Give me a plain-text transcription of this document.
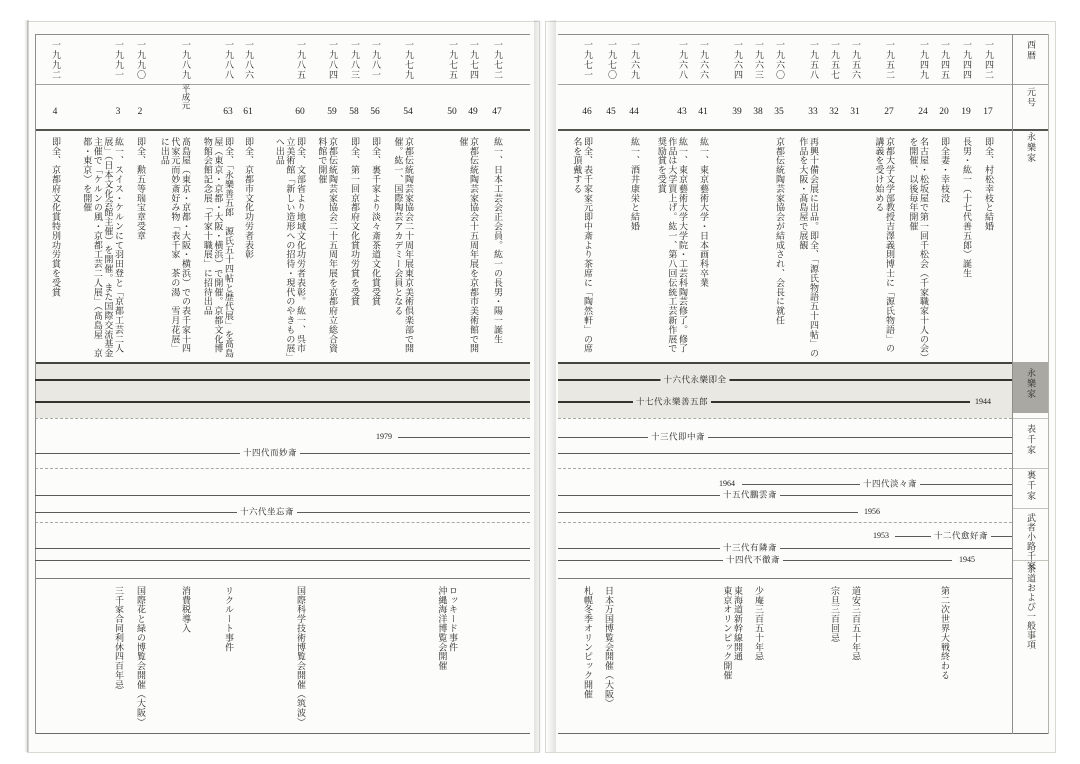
西暦
元号
永樂家
永樂家
表千家
裏千家
武者小路千家
茶道および一般事項
一九四二
17
一九四四
19
一九四五
20
一九四九
24
一九五二
27
一九五六
31
一九五七
32
一九五八
33
一九六〇
35
一九六三
38
一九六四
39
一九六六
41
一九六八
43
一九六九
44
一九七〇
45
一九七一
46
一九七二
47
一九七四
49
一九七五
50
一九七九
54
一九八一
56
一九八三
58
一九八四
59
一九八五
60
一九八六
61
一九八八
63
一九八九
平成元
一九九〇
2
一九九一
3
一九九二
4
即全、村松幸枝と結婚
長男・紘一（十七代善五郎）誕生
即全妻・幸枝没
名古屋・松坂屋で第一回千松会（千家職家十人の会）を開催、以後毎年開催
京都大学文学部教授吉澤義則博士に「源氏物語」の講義を受け始める
再興十備会展に出品。即全、「源氏物語五十四帖」の作品を大阪・髙島屋で展観
京都伝統陶芸家協会が結成され、会長に就任
紘一、東京藝術大学・日本画科卒業
紘一、東京藝術大学大学院・工芸科陶芸修了。修了作品は大学買上げ。紘一、第八回伝統工芸新作展で奨励賞を受賞
紘一、酒井康栄と結婚
即全、表千家家元即中斎より茶席に「陶然軒」の席名を頂戴する
紘一、日本工芸会正会員。紘一の長男・陽一誕生
京都伝統陶芸家協会十五周年展を京都市美術館で開催
京都伝統陶芸家協会二十周年展東京美術倶楽部で開催。紘一、国際陶芸アカデミー会員となる
即全、裏千家より淡々斎茶道文化賞受賞
即全、第一回京都府文化賞功労賞を受賞
京都伝統陶芸家協会二十五周年展を京都府立総合資料館で開催
即全、文部省より地域文化功労者表彰。紘一、呉市立美術館「新しい造形への招待・現代のやきもの展」へ出品
即全、京都市文化功労者表彰
即全、「永樂善五郎　源氏五十四帖と歴代展」を髙島屋（東京・京都・大阪・横浜）で開催。京都文化博物館会館記念展「千家十職展」に招待出品
髙島屋（東京・京都・大阪・横浜）での表千家十四代家元而妙斎好み物「表千家　茶の湯　雪月花展」に出品
即全、勲五等瑞宝章受章
紘一、スイス・ケルンにて羽田登と「京都工芸二人展」（日本文化会館主催）を開催。また国際交流基金主催で「ケルンの風・京都工芸二人展」（髙島屋　京都・東京）を開催
即全、京都府文化賞特別功労賞を受賞
第二次世界大戦終わる
道安三百五十年忌
宗旦三百回忌
少庵三百五十年忌
東海道新幹線開通
東京オリンピック開催
日本万国博覧会開催（大阪）
札幌冬季オリンピック開催
ロッキード事件
沖縄海洋博覧会開催
国際科学技術博覧会開催（筑波）
リクルート事件
消費税導入
国際花と緑の博覧会開催（大阪）
三千家合同利休四百年忌
十六代永樂即全
十七代永樂善五郎	1944
十三代即中斎
1979
十四代而妙斎
十四代淡々斎
1964
十五代鵬雲斎
1956
十六代坐忘斎
十二代愈好斎
1953
十三代有隣斎
十四代不徹斎	1945
